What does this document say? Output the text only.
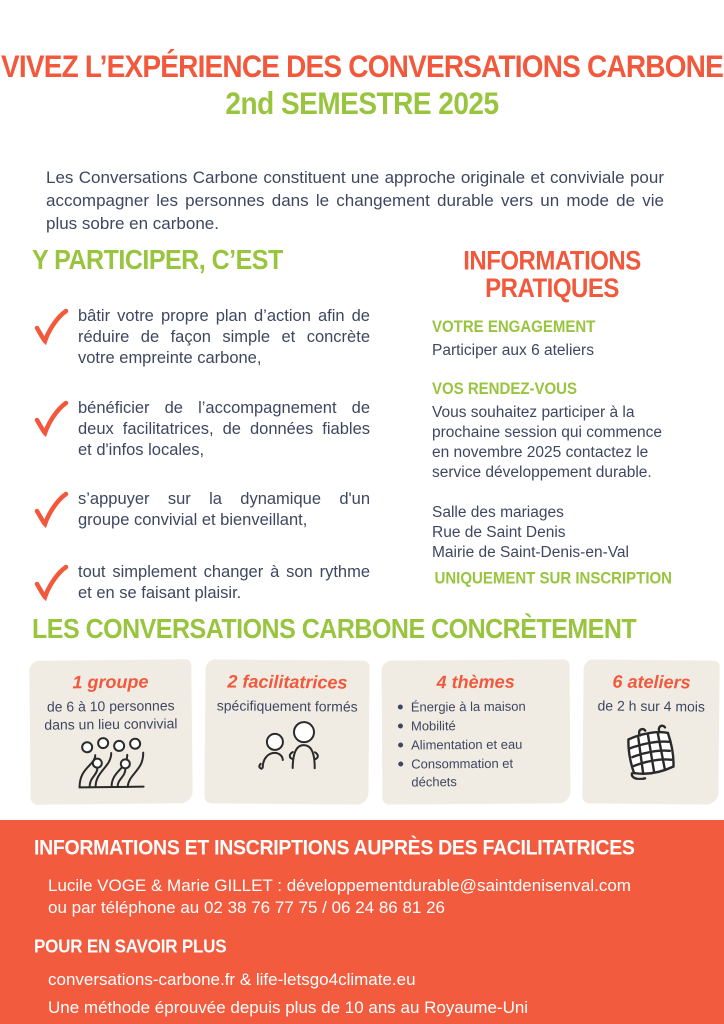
VIVEZ L’EXPÉRIENCE DES CONVERSATIONS CARBONE
2nd SEMESTRE 2025

Les Conversations Carbone constituent une approche originale et conviviale pour accompagner les personnes dans le changement durable vers un mode de vie plus sobre en carbone.

Y PARTICIPER, C’EST
bâtir votre propre plan d’action afin de réduire de façon simple et concrète votre empreinte carbone,
bénéficier de l’accompagnement de deux facilitatrices, de données fiables et d'infos locales,
s’appuyer sur la dynamique d'un groupe convivial et bienveillant,
tout simplement changer à son rythme et en se faisant plaisir.
INFORMATIONS
PRATIQUES
VOTRE ENGAGEMENT
Participer aux 6 ateliers
VOS RENDEZ-VOUS
Vous souhaitez participer à la prochaine session qui commence en novembre 2025 contactez le service développement durable.
Salle des mariages
Rue de Saint Denis
Mairie de Saint-Denis-en-Val
UNIQUEMENT SUR INSCRIPTION
LES CONVERSATIONS CARBONE CONCRÈTEMENT
1 groupe
de 6 à 10 personnes dans un lieu convivial
2 facilitatrices
spécifiquement formés
4 thèmes
Énergie à la maison
Mobilité
Alimentation et eau
Consommation et déchets
6 ateliers
de 2 h sur 4 mois
INFORMATIONS ET INSCRIPTIONS AUPRÈS DES FACILITATRICES
Lucile VOGE & Marie GILLET : développementdurable@saintdenisenval.com
ou par téléphone au 02 38 76 77 75 / 06 24 86 81 26
POUR EN SAVOIR PLUS
conversations-carbone.fr & life-letsgo4climate.eu
Une méthode éprouvée depuis plus de 10 ans au Royaume-Uni
